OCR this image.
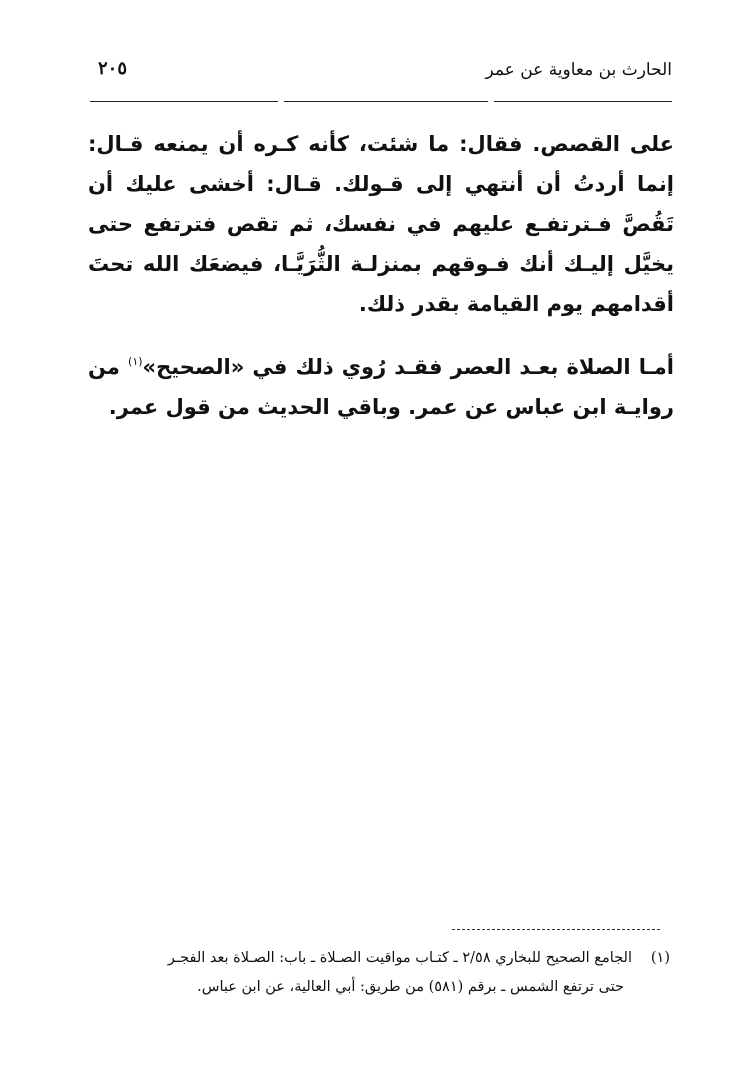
الحارث بن معاوية عن عمر
٢٠٥

على القصص. فقال: ما شئت، كأنه كـره أن يمنعه قـال: إنما أردتُ أن أنتهي إلى قـولك. قـال: أخشى عليك أن تَقُصَّ فـترتفـع عليهم في نفسك، ثم تقص فترتفع حتى يخيَّل إليـك أنك فـوقهم بمنزلـة الثُّرَيَّـا، فيضعَك الله تحتَ أقدامهم يوم القيامة بقدر ذلك.

أمـا الصلاة بعـد العصر فقـد رُوي ذلك في «الصحيح»$^{(١)}$ من روايـة ابن عباس عن عمر. وباقي الحديث من قول عمر.

(١)الجامع الصحيح للبخاري ٢/٥٨ ـ كتـاب مواقيت الصـلاة ـ باب: الصـلاة بعد الفجـر
حتى ترتفع الشمس ـ برقم (٥٨١) من طريق: أبي العالية، عن ابن عباس.
